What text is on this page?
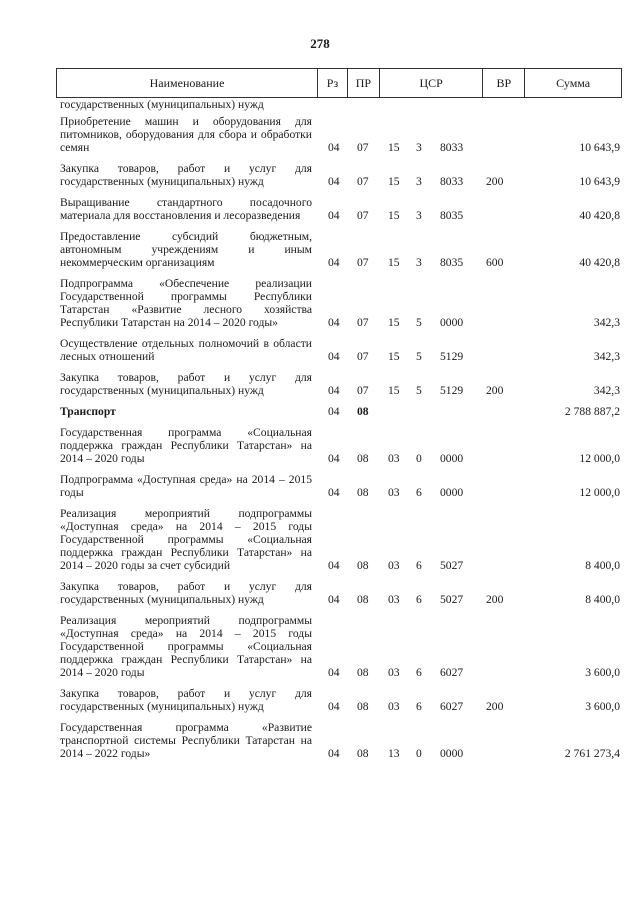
278
Наименование	Рз	ПР	ЦСР	ВР	Сумма
государственных (муниципальных) нужд
Приобретение машин и оборудования для питомников, оборудования для сбора и обработки семян	04 07 15 3 8033	10 643,9
Закупка товаров, работ и услуг для государственных (муниципальных) нужд	04 07 15 3 8033 200	10 643,9
Выращивание стандартного посадочного материала для восстановления и лесоразведения	04 07 15 3 8035	40 420,8
Предоставление субсидий бюджетным, автономным учреждениям и иным некоммерческим организациям	04 07 15 3 8035 600	40 420,8
Подпрограмма «Обеспечение реализации Государственной программы Республики Татарстан «Развитие лесного хозяйства Республики Татарстан на 2014 – 2020 годы»	04 07 15 5 0000	342,3
Осуществление отдельных полномочий в области лесных отношений	04 07 15 5 5129	342,3
Закупка товаров, работ и услуг для государственных (муниципальных) нужд	04 07 15 5 5129 200	342,3
Транспорт	04 08	2 788 887,2
Государственная программа «Социальная поддержка граждан Республики Татарстан» на 2014 – 2020 годы	04 08 03 0 0000	12 000,0
Подпрограмма «Доступная среда» на 2014 – 2015 годы	04 08 03 6 0000	12 000,0
Реализация мероприятий подпрограммы «Доступная среда» на 2014 – 2015 годы Государственной программы «Социальная поддержка граждан Республики Татарстан» на 2014 – 2020 годы за счет субсидий	04 08 03 6 5027	8 400,0
Закупка товаров, работ и услуг для государственных (муниципальных) нужд	04 08 03 6 5027 200	8 400,0
Реализация мероприятий подпрограммы «Доступная среда» на 2014 – 2015 годы Государственной программы «Социальная поддержка граждан Республики Татарстан» на 2014 – 2020 годы	04 08 03 6 6027	3 600,0
Закупка товаров, работ и услуг для государственных (муниципальных) нужд	04 08 03 6 6027 200	3 600,0
Государственная программа «Развитие транспортной системы Республики Татарстан на 2014 – 2022 годы»	04 08 13 0 0000	2 761 273,4
